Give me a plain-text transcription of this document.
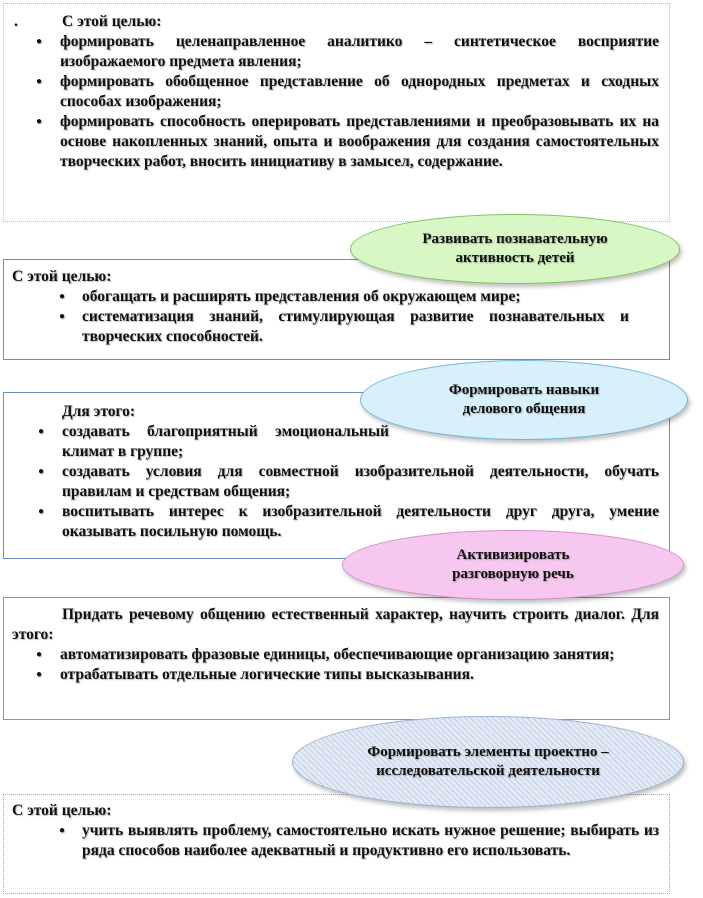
.	С этой целью:

● формировать целенаправленное аналитико – синтетическое восприятие изображаемого предмета явления;
● формировать обобщенное представление об однородных предметах и сходных способах изображения;
● формировать способность оперировать представлениями и преобразовывать их на основе накопленных знаний, опыта и воображения для создания самостоятельных творческих работ, вносить инициативу в замысел, содержание.

С этой целью:

● обогащать и расширять представления об окружающем мире;
● систематизация знаний, стимулирующая развитие познавательных и творческих способностей.

Для этого:

● создавать благоприятный эмоциональный климат в группе;
● создавать условия для совместной изобразительной деятельности, обучать правилам и средствам общения;
● воспитывать интерес к изобразительной деятельности друг друга, умение оказывать посильную помощь.

Придать речевому общению естественный характер, научить строить диалог. Для этого:

● автоматизировать фразовые единицы, обеспечивающие организацию занятия;
● отрабатывать отдельные логические типы высказывания.

С этой целью:

● учить выявлять проблему, самостоятельно искать нужное решение; выбирать из ряда способов наиболее адекватный и продуктивно его использовать.
Развивать познавательную активность детей
Формировать навыки делового общения
Активизировать разговорную речь
Формировать элементы проектно – исследовательской деятельности
